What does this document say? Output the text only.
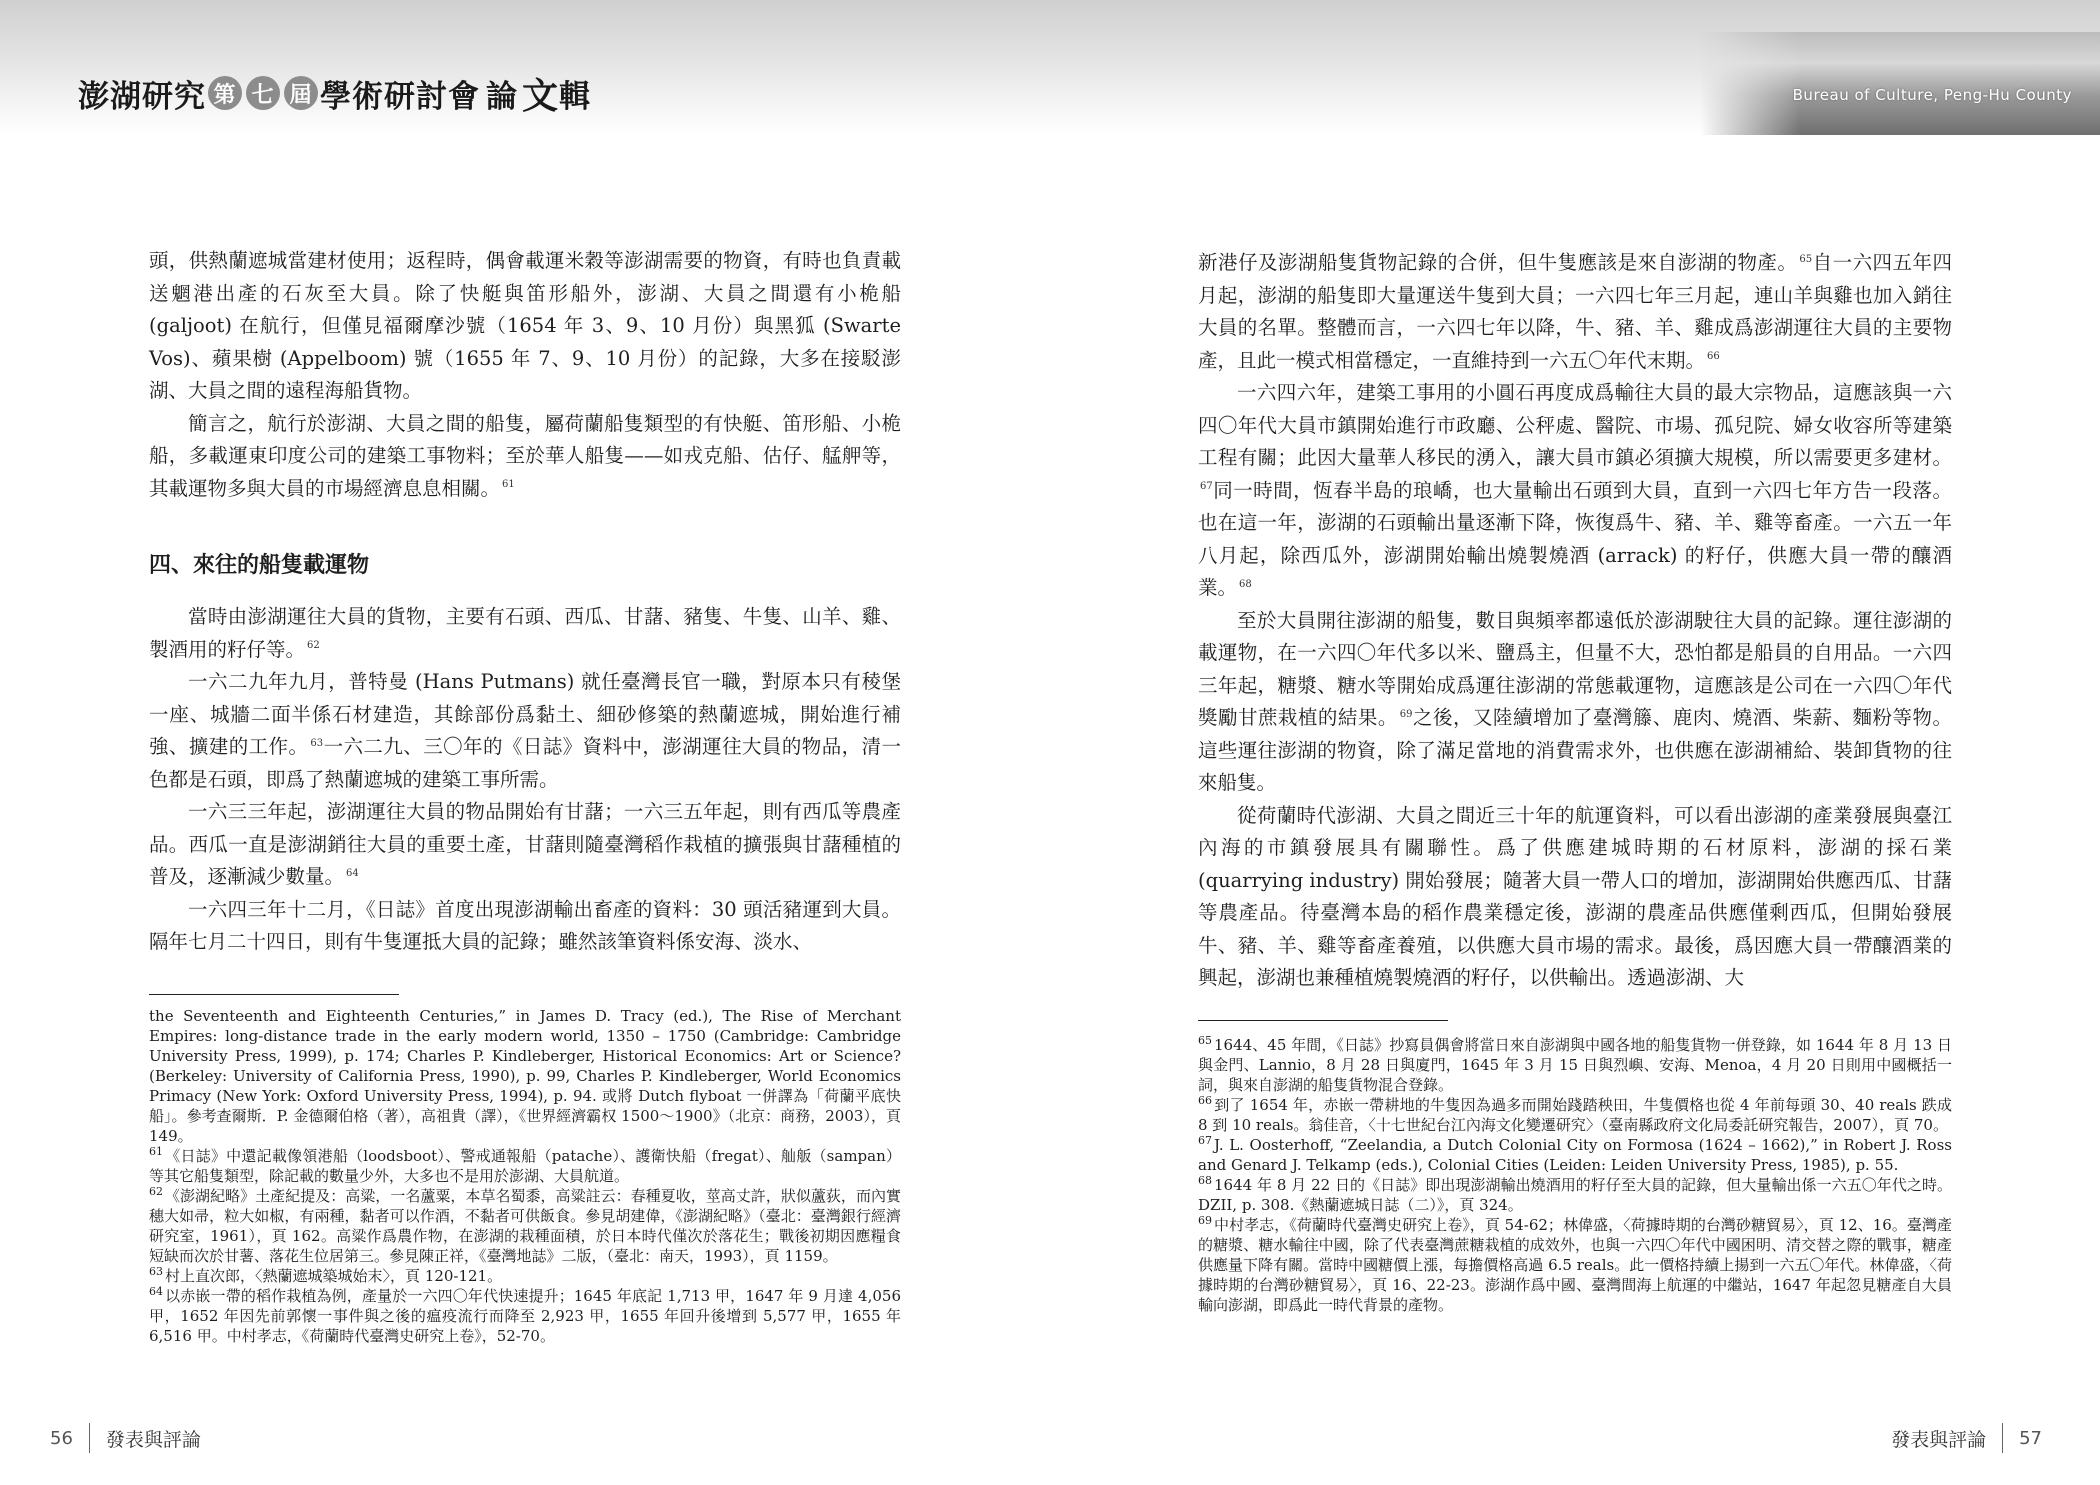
澎湖研究 第 七 屆 學術研討會 論 文 輯	Bureau of Culture, Peng-Hu County

頭，供熱蘭遮城當建材使用；返程時，偶會載運米穀等澎湖需要的物資，有時也負責載送魍港出產的石灰至大員。除了快艇與笛形船外，澎湖、大員之間還有小桅船 (galjoot) 在航行，但僅見福爾摩沙號（1654 年 3、9、10 月份）與黑狐 (Swarte Vos)、蘋果樹 (Appelboom) 號（1655 年 7、9、10 月份）的記錄，大多在接駁澎湖、大員之間的遠程海船貨物。

簡言之，航行於澎湖、大員之間的船隻，屬荷蘭船隻類型的有快艇、笛形船、小桅船，多載運東印度公司的建築工事物料；至於華人船隻——如戎克船、估仔、艋舺等，其載運物多與大員的市場經濟息息相關。 $^{61}$

四、來往的船隻載運物

當時由澎湖運往大員的貨物，主要有石頭、西瓜、甘藷、豬隻、牛隻、山羊、雞、製酒用的籽仔等。 $^{62}$

一六二九年九月，普特曼 (Hans Putmans) 就任臺灣長官一職，對原本只有稜堡一座、城牆二面半係石材建造，其餘部份爲黏土、細砂修築的熱蘭遮城，開始進行補強、擴建的工作。 $^{63}$一六二九、三〇年的《日誌》資料中，澎湖運往大員的物品，清一色都是石頭，即爲了熱蘭遮城的建築工事所需。

一六三三年起，澎湖運往大員的物品開始有甘藷；一六三五年起，則有西瓜等農產品。西瓜一直是澎湖銷往大員的重要土產，甘藷則隨臺灣稻作栽植的擴張與甘藷種植的普及，逐漸減少數量。 $^{64}$

一六四三年十二月，《日誌》首度出現澎湖輸出畜產的資料：30 頭活豬運到大員。隔年七月二十四日，則有牛隻運抵大員的記錄；雖然該筆資料係安海、淡水、

新港仔及澎湖船隻貨物記錄的合併，但牛隻應該是來自澎湖的物產。 $^{65}$自一六四五年四月起，澎湖的船隻即大量運送牛隻到大員；一六四七年三月起，連山羊與雞也加入銷往大員的名單。整體而言，一六四七年以降，牛、豬、羊、雞成爲澎湖運往大員的主要物產，且此一模式相當穩定，一直維持到一六五〇年代末期。 $^{66}$

一六四六年，建築工事用的小圓石再度成爲輸往大員的最大宗物品，這應該與一六四〇年代大員市鎮開始進行市政廳、公秤處、醫院、市場、孤兒院、婦女收容所等建築工程有關；此因大量華人移民的湧入，讓大員市鎮必須擴大規模，所以需要更多建材。$^{67}$同一時間，恆春半島的琅嶠，也大量輸出石頭到大員，直到一六四七年方告一段落。也在這一年，澎湖的石頭輸出量逐漸下降，恢復爲牛、豬、羊、雞等畜產。一六五一年八月起，除西瓜外，澎湖開始輸出燒製燒酒 (arrack) 的籽仔，供應大員一帶的釀酒業。 $^{68}$

至於大員開往澎湖的船隻，數目與頻率都遠低於澎湖駛往大員的記錄。運往澎湖的載運物，在一六四〇年代多以米、鹽爲主，但量不大，恐怕都是船員的自用品。一六四三年起，糖漿、糖水等開始成爲運往澎湖的常態載運物，這應該是公司在一六四〇年代獎勵甘蔗栽植的結果。 $^{69}$之後，又陸續增加了臺灣籐、鹿肉、燒酒、柴薪、麵粉等物。這些運往澎湖的物資，除了滿足當地的消費需求外，也供應在澎湖補給、裝卸貨物的往來船隻。

從荷蘭時代澎湖、大員之間近三十年的航運資料，可以看出澎湖的產業發展與臺江內海的市鎮發展具有關聯性。爲了供應建城時期的石材原料，澎湖的採石業 (quarrying industry) 開始發展；隨著大員一帶人口的增加，澎湖開始供應西瓜、甘藷等農產品。待臺灣本島的稻作農業穩定後，澎湖的農產品供應僅剩西瓜，但開始發展牛、豬、羊、雞等畜產養殖，以供應大員市場的需求。最後，爲因應大員一帶釀酒業的興起，澎湖也兼種植燒製燒酒的籽仔，以供輸出。透過澎湖、大

the Seventeenth and Eighteenth Centuries,” in James D. Tracy (ed.), The Rise of Merchant Empires: long-distance trade in the early modern world, 1350 – 1750 (Cambridge: Cambridge University Press, 1999), p. 174; Charles P. Kindleberger, Historical Economics: Art or Science? (Berkeley: University of California Press, 1990), p. 99, Charles P. Kindleberger, World Economics Primacy (New York: Oxford University Press, 1994), p. 94. 或將 Dutch flyboat 一併譯為「荷蘭平底快船」。參考查爾斯．P. 金德爾伯格（著），高祖貴（譯），《世界經濟霸权 1500～1900》（北京：商務，2003），頁 149。

$^{61}$ 《日誌》中還記載像領港船（loodsboot）、警戒通報船（patache）、護衛快船（fregat）、舢舨（sampan）等其它船隻類型，除記載的數量少外，大多也不是用於澎湖、大員航道。

$^{62}$ 《澎湖紀略》土產紀提及：高粱，一名蘆粟，本草名蜀黍，高粱註云：春種夏收，莖高丈許，狀似蘆荻，而內實穗大如帚，粒大如椒，有兩種，黏者可以作酒，不黏者可供飯食。參見胡建偉，《澎湖紀略》（臺北：臺灣銀行經濟研究室，1961），頁 162。高粱作爲農作物，在澎湖的栽種面積，於日本時代僅次於落花生；戰後初期因應糧食短缺而次於甘薯、落花生位居第三。參見陳正祥，《臺灣地誌》二版，（臺北：南天，1993），頁 1159。

$^{63}$ 村上直次郎，〈熱蘭遮城築城始末〉，頁 120-121。

$^{64}$ 以赤嵌一帶的稻作栽植為例，產量於一六四〇年代快速提升；1645 年底記 1,713 甲，1647 年 9 月達 4,056 甲，1652 年因先前郭懷一事件與之後的瘟疫流行而降至 2,923 甲，1655 年回升後增到 5,577 甲，1655 年 6,516 甲。中村孝志，《荷蘭時代臺灣史研究上卷》，52-70。

$^{65}$ 1644、45 年間，《日誌》抄寫員偶會將當日來自澎湖與中國各地的船隻貨物一併登錄，如 1644 年 8 月 13 日與金門、Lannio，8 月 28 日與廈門，1645 年 3 月 15 日與烈嶼、安海、Menoa，4 月 20 日則用中國概括一詞，與來自澎湖的船隻貨物混合登錄。

$^{66}$ 到了 1654 年，赤嵌一帶耕地的牛隻因為過多而開始踐踏秧田，牛隻價格也從 4 年前每頭 30、40 reals 跌成 8 到 10 reals。翁佳音，〈十七世紀台江內海文化變遷研究〉（臺南縣政府文化局委託研究報告，2007），頁 70。

$^{67}$ J. L. Oosterhoff, “Zeelandia, a Dutch Colonial City on Formosa (1624 – 1662),” in Robert J. Ross and Genard J. Telkamp (eds.), Colonial Cities (Leiden: Leiden University Press, 1985), p. 55.

$^{68}$ 1644 年 8 月 22 日的《日誌》即出現澎湖輸出燒酒用的籽仔至大員的記錄，但大量輸出係一六五〇年代之時。DZII, p. 308.《熱蘭遮城日誌（二）》，頁 324。

$^{69}$ 中村孝志，《荷蘭時代臺灣史研究上卷》，頁 54-62；林偉盛，〈荷據時期的台灣砂糖貿易〉，頁 12、16。臺灣產的糖漿、糖水輸往中國，除了代表臺灣蔗糖栽植的成效外，也與一六四〇年代中國困明、清交替之際的戰事，糖產供應量下降有關。當時中國糖價上漲，每擔價格高過 6.5 reals。此一價格持續上揚到一六五〇年代。林偉盛，〈荷據時期的台灣砂糖貿易〉，頁 16、22-23。澎湖作爲中國、臺灣間海上航運的中繼站，1647 年起忽見糖產自大員輸向澎湖，即爲此一時代背景的產物。

56 發表與評論	發表與評論 57
